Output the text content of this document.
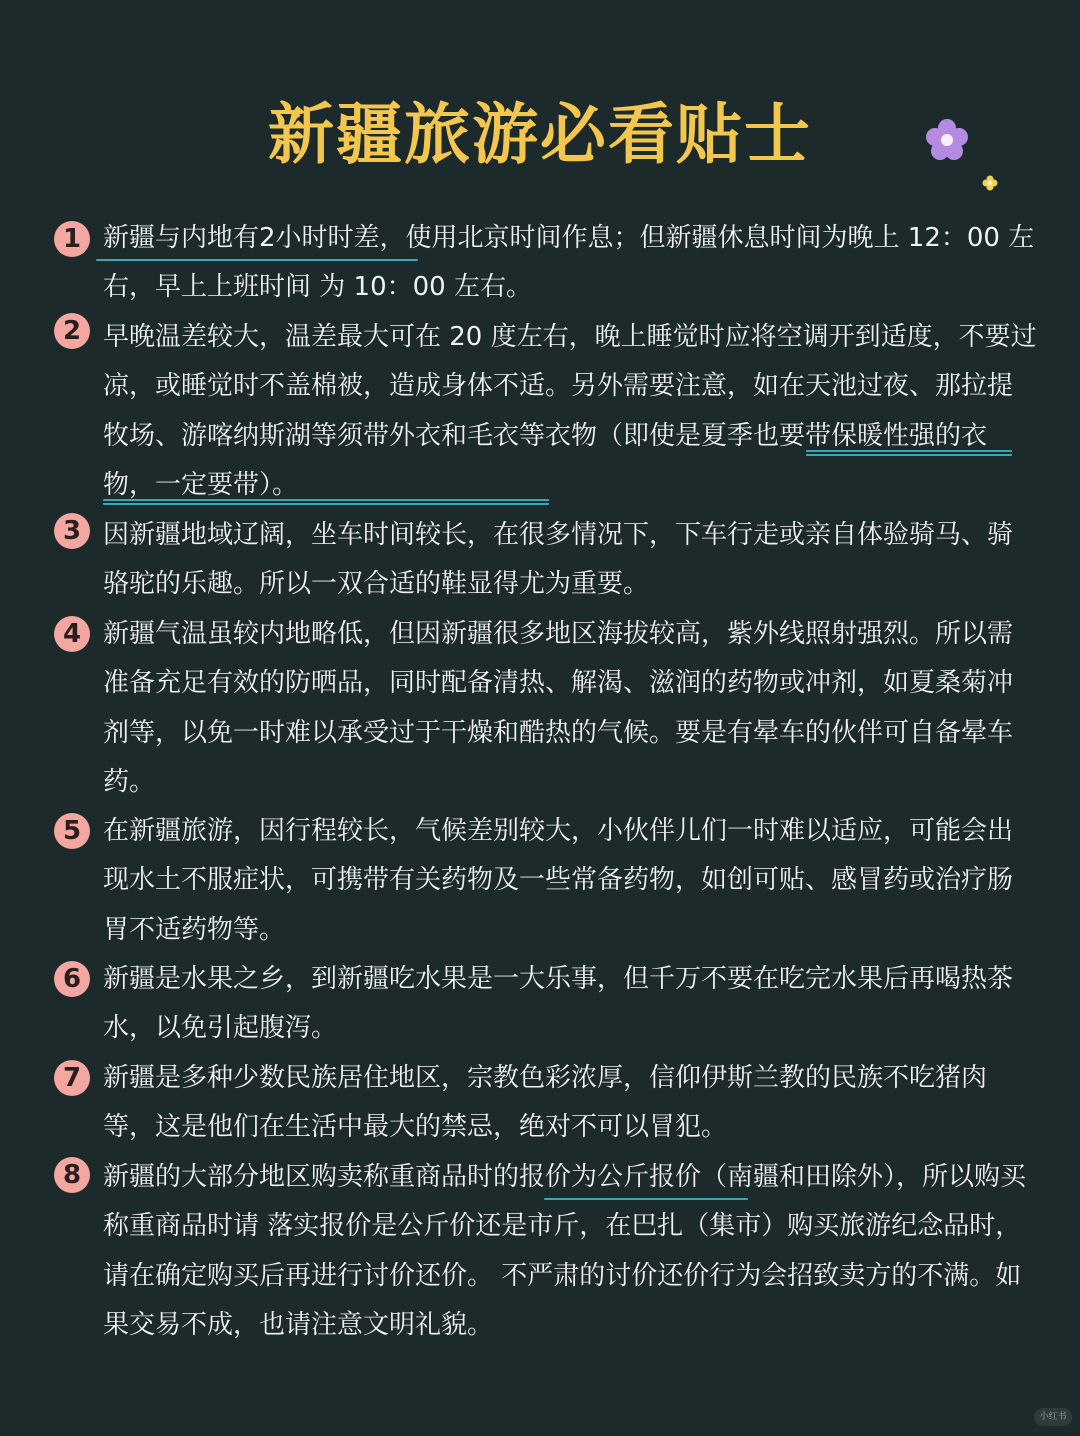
新疆旅游必看贴士
1 新疆与内地有2小时时差，使用北京时间作息；但新疆休息时间为晚上 12：00 左右，早上上班时间 为 10：00 左右。
2 早晚温差较大，温差最大可在 20 度左右，晚上睡觉时应将空调开到适度，不要过凉，或睡觉时不盖棉被，造成身体不适。另外需要注意，如在天池过夜、那拉提牧场、游喀纳斯湖等须带外衣和毛衣等衣物（即使是夏季也要带保暖性强的衣物，一定要带）。
3 因新疆地域辽阔，坐车时间较长，在很多情况下，下车行走或亲自体验骑马、骑骆驼的乐趣。所以一双合适的鞋显得尤为重要。
4 新疆气温虽较内地略低，但因新疆很多地区海拔较高，紫外线照射强烈。所以需准备充足有效的防晒品，同时配备清热、解渴、滋润的药物或冲剂，如夏桑菊冲剂等，以免一时难以承受过于干燥和酷热的气候。要是有晕车的伙伴可自备晕车药。
5 在新疆旅游，因行程较长，气候差别较大，小伙伴儿们一时难以适应，可能会出现水土不服症状，可携带有关药物及一些常备药物，如创可贴、感冒药或治疗肠胃不适药物等。
6 新疆是水果之乡，到新疆吃水果是一大乐事，但千万不要在吃完水果后再喝热茶水，以免引起腹泻。
7 新疆是多种少数民族居住地区，宗教色彩浓厚，信仰伊斯兰教的民族不吃猪肉等，这是他们在生活中最大的禁忌，绝对不可以冒犯。
8 新疆的大部分地区购卖称重商品时的报价为公斤报价（南疆和田除外），所以购买称重商品时请 落实报价是公斤价还是市斤，在巴扎（集市）购买旅游纪念品时，请在确定购买后再进行讨价还价。 不严肃的讨价还价行为会招致卖方的不满。如果交易不成，也请注意文明礼貌。
小红书
